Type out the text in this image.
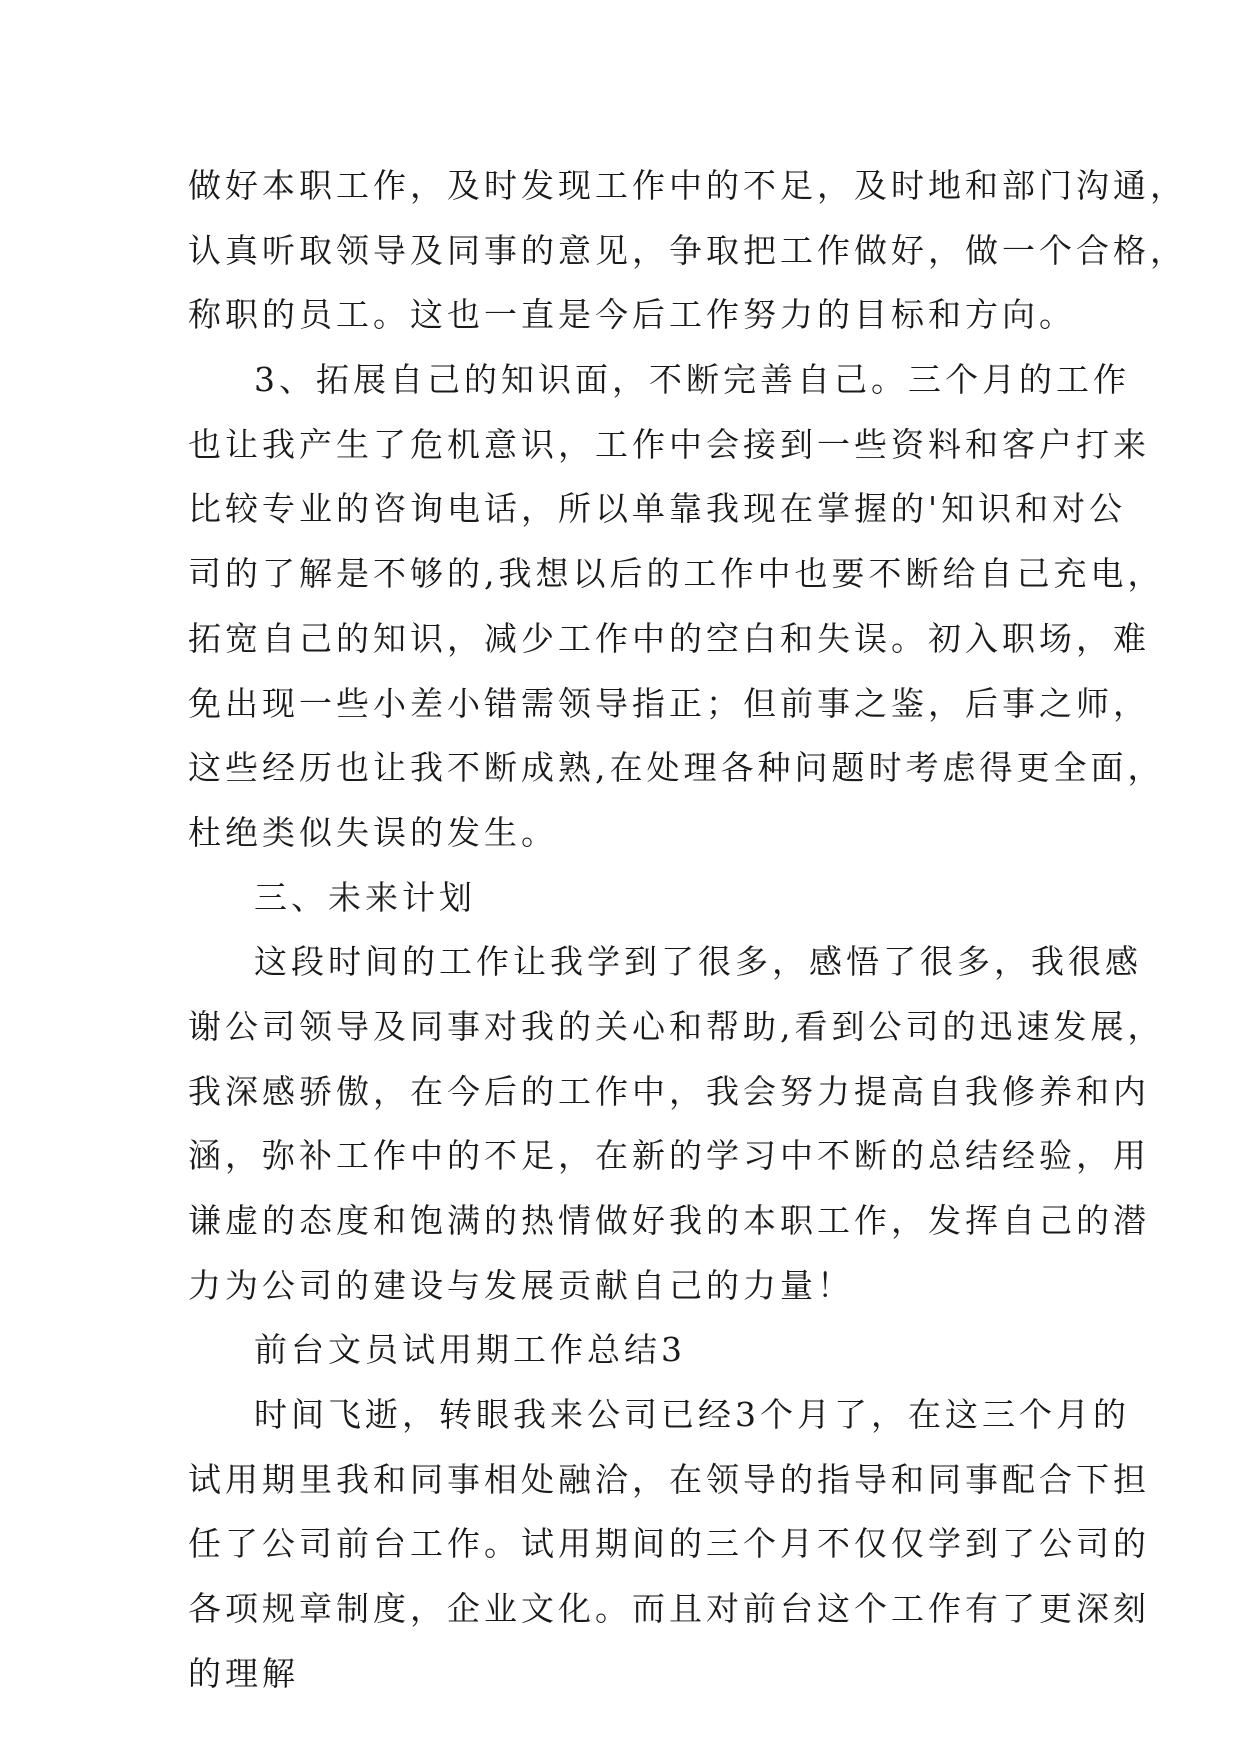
做好本职工作，及时发现工作中的不足，及时地和部门沟通，
认真听取领导及同事的意见，争取把工作做好，做一个合格，
称职的员工。这也一直是今后工作努力的目标和方向。
3、拓展自己的知识面，不断完善自己。三个月的工作
也让我产生了危机意识，工作中会接到一些资料和客户打来
比较专业的咨询电话，所以单靠我现在掌握的'知识和对公
司的了解是不够的,我想以后的工作中也要不断给自己充电，
拓宽自己的知识，减少工作中的空白和失误。初入职场，难
免出现一些小差小错需领导指正；但前事之鉴，后事之师，
这些经历也让我不断成熟,在处理各种问题时考虑得更全面，
杜绝类似失误的发生。
三、未来计划
这段时间的工作让我学到了很多，感悟了很多，我很感
谢公司领导及同事对我的关心和帮助,看到公司的迅速发展，
我深感骄傲，在今后的工作中，我会努力提高自我修养和内
涵，弥补工作中的不足，在新的学习中不断的总结经验，用
谦虚的态度和饱满的热情做好我的本职工作，发挥自己的潜
力为公司的建设与发展贡献自己的力量！
前台文员试用期工作总结3
时间飞逝，转眼我来公司已经3个月了，在这三个月的
试用期里我和同事相处融洽，在领导的指导和同事配合下担
任了公司前台工作。试用期间的三个月不仅仅学到了公司的
各项规章制度，企业文化。而且对前台这个工作有了更深刻
的理解
